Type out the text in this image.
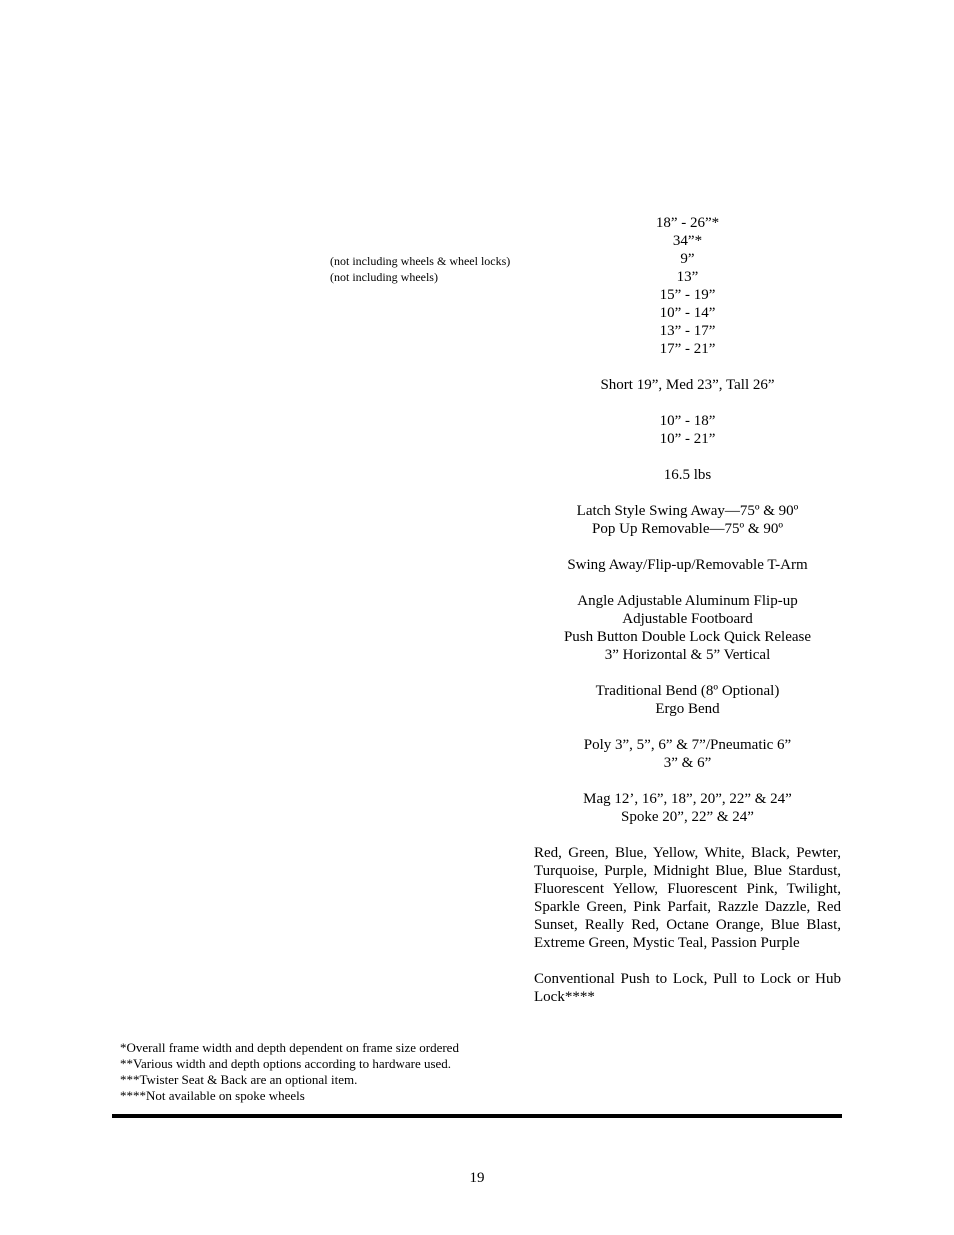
(not including wheels & wheel locks)
(not including wheels)
18” - 26”*
34”*
9”
13”
15” - 19”
10” - 14”
13” - 17”
17” - 21”
Short 19”, Med 23”, Tall 26”
10” - 18”
10” - 21”
16.5 lbs
Latch Style Swing Away—75º & 90º
Pop Up Removable—75º & 90º
Swing Away/Flip-up/Removable T-Arm
Angle Adjustable Aluminum Flip-up
Adjustable Footboard
Push Button Double Lock Quick Release
3” Horizontal & 5” Vertical
Traditional Bend (8º Optional)
Ergo Bend
Poly 3”, 5”, 6” & 7”/Pneumatic 6”
3” & 6”
Mag 12’, 16”, 18”, 20”, 22” & 24”
Spoke 20”, 22” & 24”
Red, Green, Blue, Yellow, White, Black, Pewter, Turquoise, Purple, Midnight Blue, Blue Stardust, Fluorescent Yellow, Fluorescent Pink, Twilight, Sparkle Green, Pink Parfait, Razzle Dazzle, Red Sunset, Really Red, Octane Orange, Blue Blast, Extreme Green, Mystic Teal, Passion Purple
Conventional Push to Lock, Pull to Lock or Hub Lock****
*Overall frame width and depth dependent on frame size ordered
**Various width and depth options according to hardware used.
***Twister Seat & Back are an optional item.
****Not available on spoke wheels
19
